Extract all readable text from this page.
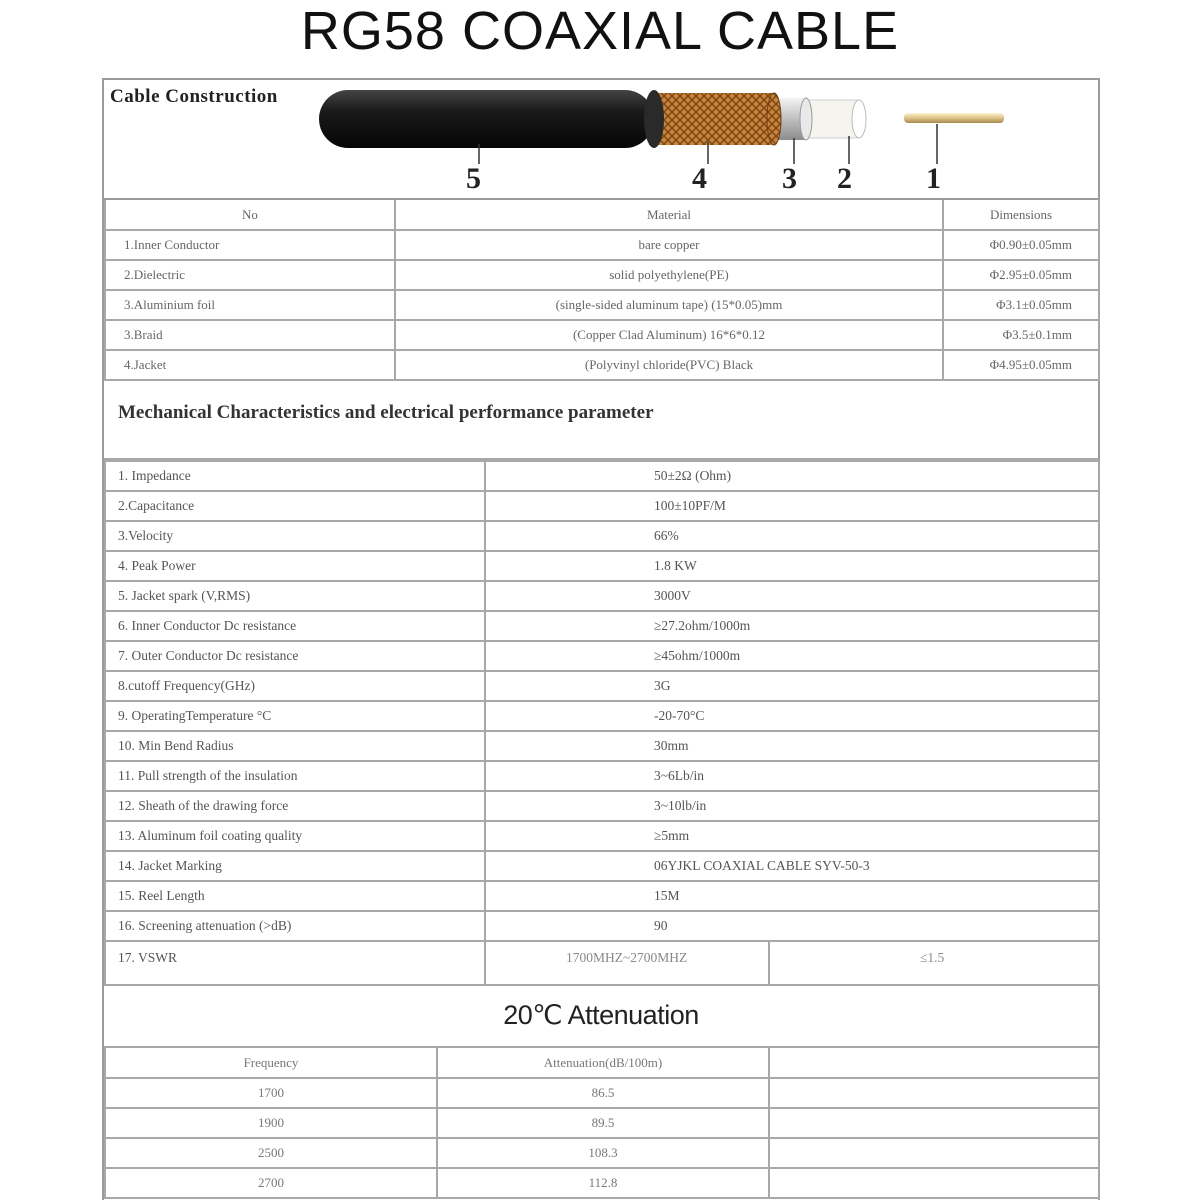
RG58 COAXIAL CABLE
Cable Construction
5	4	3 2 1
No	Material	Dimensions
1.Inner Conductor	bare copper	Φ0.90±0.05mm
2.Dielectric	solid polyethylene(PE)	Φ2.95±0.05mm
3.Aluminium foil	(single-sided aluminum tape) (15*0.05)mm	Φ3.1±0.05mm
3.Braid	(Copper Clad Aluminum) 16*6*0.12	Φ3.5±0.1mm
4.Jacket	(Polyvinyl chloride(PVC) Black	Φ4.95±0.05mm
Mechanical Characteristics and electrical performance parameter
1. Impedance	50±2Ω (Ohm)	
2.Capacitance	100±10PF/M	
3.Velocity	66%	
4. Peak Power	1.8 KW	
5. Jacket spark (V,RMS)	3000V	
6. Inner Conductor Dc resistance	≥27.2ohm/1000m	
7. Outer Conductor Dc resistance	≥45ohm/1000m	
8.cutoff Frequency(GHz)	3G	
9. OperatingTemperature °C	-20-70°C	
10. Min Bend Radius	30mm	
11. Pull strength of the insulation	3~6Lb/in	
12. Sheath of the drawing force	3~10lb/in	
13. Aluminum foil coating quality	≥5mm	
14. Jacket Marking	06YJKL COAXIAL CABLE SYV-50-3	
15. Reel Length	15M	
16. Screening attenuation (>dB)	90	
17. VSWR	1700MHZ~2700MHZ	≤1.5
20℃ Attenuation
Frequency	Attenuation(dB/100m)	
1700	86.5	
1900	89.5	
2500	108.3	
2700	112.8	
